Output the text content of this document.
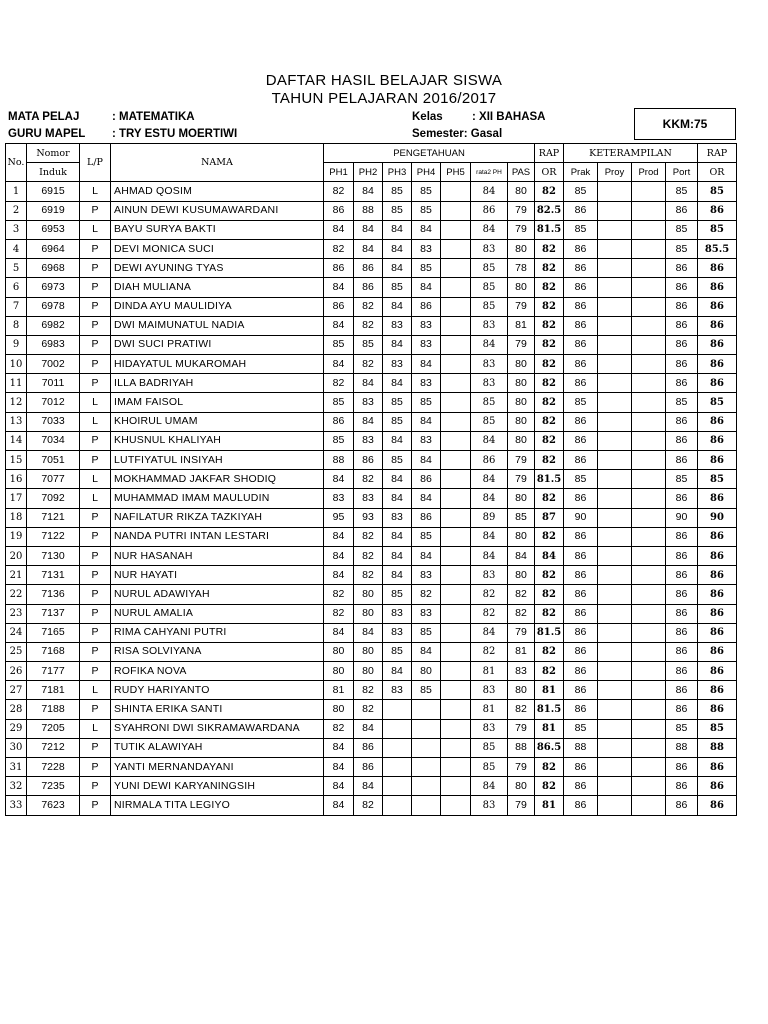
DAFTAR HASIL BELAJAR SISWA
TAHUN PELAJARAN 2016/2017
MATA PELAJ	: MATEMATIKA
GURU MAPEL : TRY ESTU MOERTIWI
Kelas	: XII BAHASA
Semester: Gasal
KKM:75
No.	Nomor	L/P	NAMA	PENGETAHUAN							RAP	KETERAMPILAN				RAP
	Induk			PH1	PH2	PH3	PH4	PH5	rata2 PH	PAS	OR	Prak	Proy	Prod	Port	OR
1	6915	L	AHMAD QOSIM	82	84	85	85		84	80	82	85			85	85
2	6919	P	AINUN DEWI KUSUMAWARDANI	86	88	85	85		86	79	82.5	86			86	86
3	6953	L	BAYU SURYA BAKTI	84	84	84	84		84	79	81.5	85			85	85
4	6964	P	DEVI MONICA SUCI	82	84	84	83		83	80	82	86			85	85.5
5	6968	P	DEWI AYUNING TYAS	86	86	84	85		85	78	82	86			86	86
6	6973	P	DIAH MULIANA	84	86	85	84		85	80	82	86			86	86
7	6978	P	DINDA AYU MAULIDIYA	86	82	84	86		85	79	82	86			86	86
8	6982	P	DWI MAIMUNATUL NADIA	84	82	83	83		83	81	82	86			86	86
9	6983	P	DWI SUCI PRATIWI	85	85	84	83		84	79	82	86			86	86
10	7002	P	HIDAYATUL MUKAROMAH	84	82	83	84		83	80	82	86			86	86
11	7011	P	ILLA BADRIYAH	82	84	84	83		83	80	82	86			86	86
12	7012	L	IMAM FAISOL	85	83	85	85		85	80	82	85			85	85
13	7033	L	KHOIRUL UMAM	86	84	85	84		85	80	82	86			86	86
14	7034	P	KHUSNUL KHALIYAH	85	83	84	83		84	80	82	86			86	86
15	7051	P	LUTFIYATUL INSIYAH	88	86	85	84		86	79	82	86			86	86
16	7077	L	MOKHAMMAD JAKFAR SHODIQ	84	82	84	86		84	79	81.5	85			85	85
17	7092	L	MUHAMMAD IMAM MAULUDIN	83	83	84	84		84	80	82	86			86	86
18	7121	P	NAFILATUR RIKZA TAZKIYAH	95	93	83	86		89	85	87	90			90	90
19	7122	P	NANDA PUTRI INTAN LESTARI	84	82	84	85		84	80	82	86			86	86
20	7130	P	NUR HASANAH	84	82	84	84		84	84	84	86			86	86
21	7131	P	NUR HAYATI	84	82	84	83		83	80	82	86			86	86
22	7136	P	NURUL ADAWIYAH	82	80	85	82		82	82	82	86			86	86
23	7137	P	NURUL AMALIA	82	80	83	83		82	82	82	86			86	86
24	7165	P	RIMA CAHYANI PUTRI	84	84	83	85		84	79	81.5	86			86	86
25	7168	P	RISA SOLVIYANA	80	80	85	84		82	81	82	86			86	86
26	7177	P	ROFIKA NOVA	80	80	84	80		81	83	82	86			86	86
27	7181	L	RUDY HARIYANTO	81	82	83	85		83	80	81	86			86	86
28	7188	P	SHINTA ERIKA SANTI	80	82				81	82	81.5	86			86	86
29	7205	L	SYAHRONI DWI SIKRAMAWARDANA	82	84				83	79	81	85			85	85
30	7212	P	TUTIK ALAWIYAH	84	86				85	88	86.5	88			88	88
31	7228	P	YANTI MERNANDAYANI	84	86				85	79	82	86			86	86
32	7235	P	YUNI DEWI KARYANINGSIH	84	84				84	80	82	86			86	86
33	7623	P	NIRMALA TITA LEGIYO	84	82				83	79	81	86			86	86
